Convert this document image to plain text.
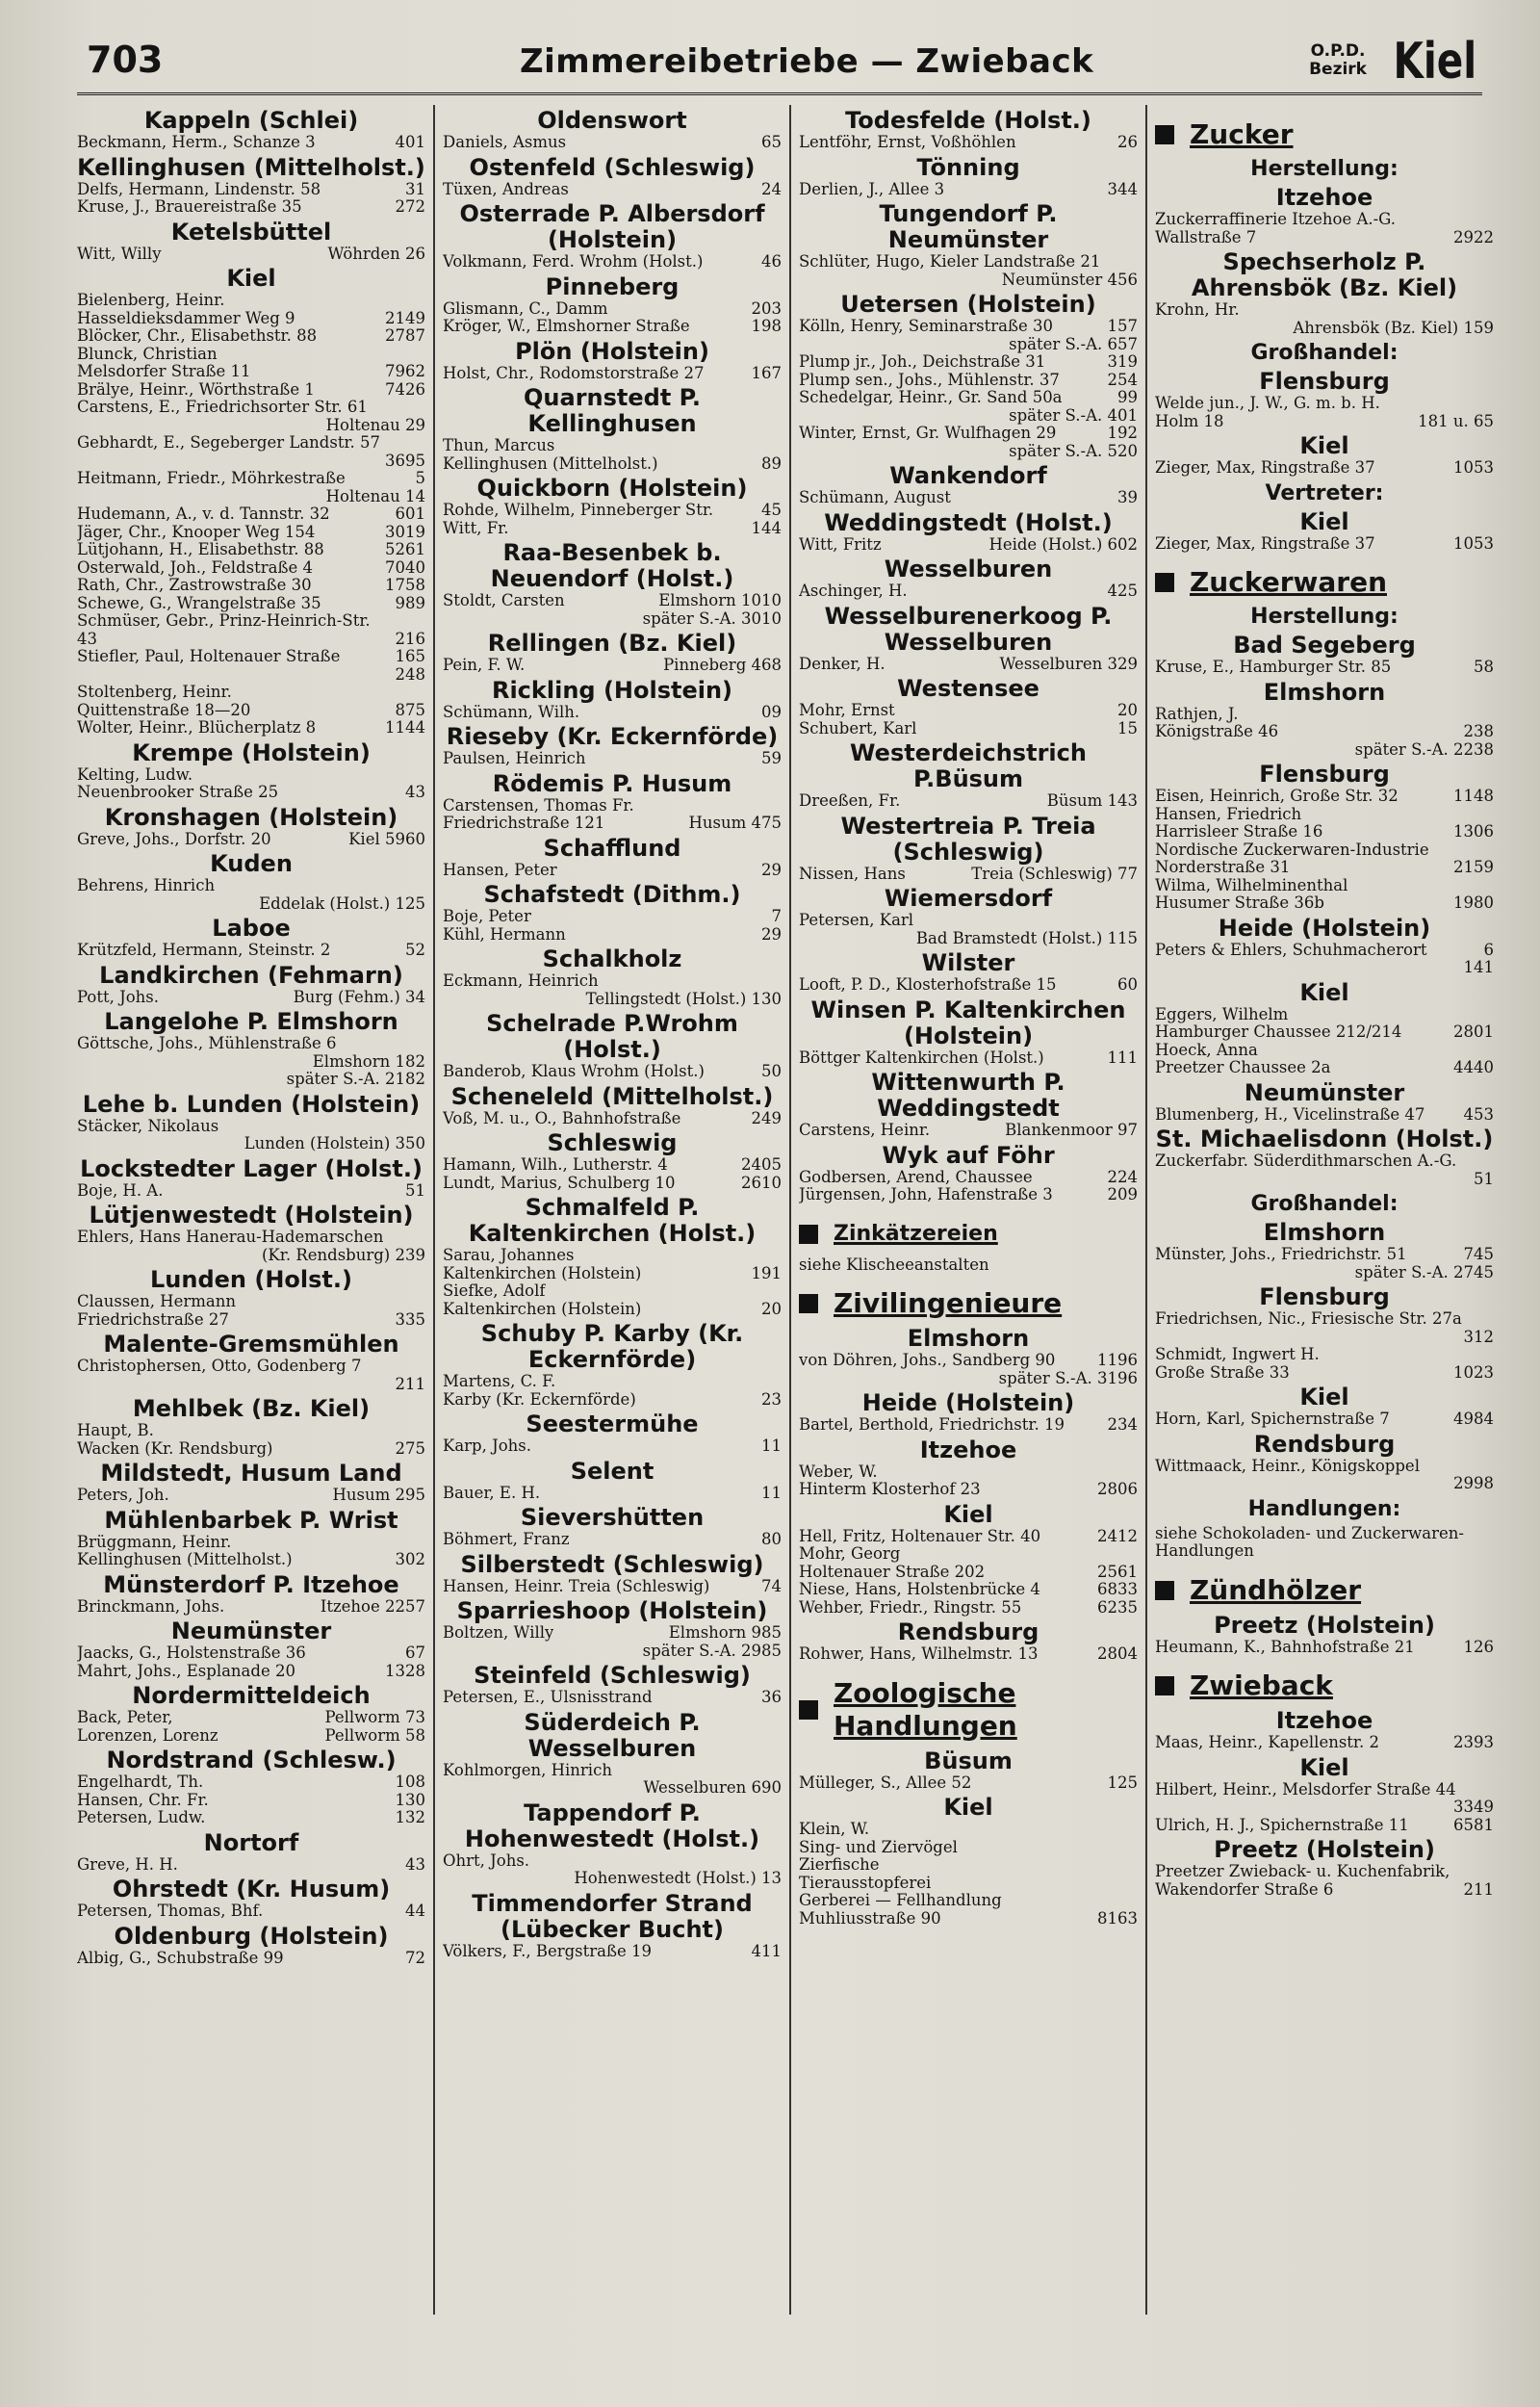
703	Zimmereibetriebe — Zwieback	O.P.D.
Bezirk Kiel
Kappeln (Schlei)
Beckmann, Herm., Schanze 3	401
Kellinghusen (Mittelholst.)
Delfs, Hermann, Lindenstr. 58	31
Kruse, J., Brauereistraße 35	272
Ketelsbüttel
Witt, Willy	Wöhrden 26
Kiel
Bielenberg, Heinr.
Hasseldieksdammer Weg 9	2149
Blöcker, Chr., Elisabethstr. 88	2787
Blunck, Christian
Melsdorfer Straße 11	7962
Brälye, Heinr., Wörthstraße 1	7426
Carstens, E., Friedrichsorter Str. 61
Holtenau 29
Gebhardt, E., Segeberger Landstr. 57
3695
Heitmann, Friedr., Möhrkestraße	5
Holtenau 14
Hudemann, A., v. d. Tannstr. 32	601
Jäger, Chr., Knooper Weg 154	3019
Lütjohann, H., Elisabethstr. 88	5261
Osterwald, Joh., Feldstraße 4	7040
Rath, Chr., Zastrowstraße 30	1758
Schewe, G., Wrangelstraße 35	989
Schmüser, Gebr., Prinz-Heinrich-Str.
43	216
Stiefler, Paul, Holtenauer Straße	165
248
Stoltenberg, Heinr.
Quittenstraße 18—20	875
Wolter, Heinr., Blücherplatz 8	1144
Krempe (Holstein)
Kelting, Ludw.
Neuenbrooker Straße 25	43
Kronshagen (Holstein)
Greve, Johs., Dorfstr. 20	Kiel 5960
Kuden
Behrens, Hinrich
Eddelak (Holst.) 125
Laboe
Krützfeld, Hermann, Steinstr. 2	52
Landkirchen (Fehmarn)
Pott, Johs.	Burg (Fehm.) 34
Langelohe P. Elmshorn
Göttsche, Johs., Mühlenstraße 6
Elmshorn 182
später S.-A. 2182
Lehe b. Lunden (Holstein)
Stäcker, Nikolaus
Lunden (Holstein) 350
Lockstedter Lager (Holst.)
Boje, H. A.	51
Lütjenwestedt (Holstein)
Ehlers, Hans Hanerau-Hademarschen
(Kr. Rendsburg) 239
Lunden (Holst.)
Claussen, Hermann
Friedrichstraße 27	335
Malente-Gremsmühlen
Christophersen, Otto, Godenberg 7
211
Mehlbek (Bz. Kiel)
Haupt, B.
Wacken (Kr. Rendsburg)	275
Mildstedt, Husum Land
Peters, Joh.	Husum 295
Mühlenbarbek P. Wrist
Brüggmann, Heinr.
Kellinghusen (Mittelholst.)	302
Münsterdorf P. Itzehoe
Brinckmann, Johs.	Itzehoe 2257
Neumünster
Jaacks, G., Holstenstraße 36	67
Mahrt, Johs., Esplanade 20	1328
Nordermitteldeich
Back, Peter,	Pellworm 73
Lorenzen, Lorenz	Pellworm 58
Nordstrand (Schlesw.)
Engelhardt, Th.	108
Hansen, Chr. Fr.	130
Petersen, Ludw.	132
Nortorf
Greve, H. H.	43
Ohrstedt (Kr. Husum)
Petersen, Thomas, Bhf.	44
Oldenburg (Holstein)
Albig, G., Schubstraße 99	72
Oldenswort
Daniels, Asmus	65
Ostenfeld (Schleswig)
Tüxen, Andreas	24
Osterrade P. Albersdorf (Holstein)
Volkmann, Ferd. Wrohm (Holst.)	46
Pinneberg
Glismann, C., Damm	203
Kröger, W., Elmshorner Straße	198
Plön (Holstein)
Holst, Chr., Rodomstorstraße 27	167
Quarnstedt P. Kellinghusen
Thun, Marcus
Kellinghusen (Mittelholst.)	89
Quickborn (Holstein)
Rohde, Wilhelm, Pinneberger Str.	45
Witt, Fr.	144
Raa-Besenbek b. Neuendorf (Holst.)
Stoldt, Carsten	Elmshorn 1010
später S.-A. 3010
Rellingen (Bz. Kiel)
Pein, F. W.	Pinneberg 468
Rickling (Holstein)
Schümann, Wilh.	09
Rieseby (Kr. Eckernförde)
Paulsen, Heinrich	59
Rödemis P. Husum
Carstensen, Thomas Fr.
Friedrichstraße 121	Husum 475
Schafflund
Hansen, Peter	29
Schafstedt (Dithm.)
Boje, Peter	7
Kühl, Hermann	29
Schalkholz
Eckmann, Heinrich
Tellingstedt (Holst.) 130
Schelrade P.Wrohm (Holst.)
Banderob, Klaus Wrohm (Holst.)	50
Scheneleld (Mittelholst.)
Voß, M. u., O., Bahnhofstraße	249
Schleswig
Hamann, Wilh., Lutherstr. 4	2405
Lundt, Marius, Schulberg 10	2610
Schmalfeld P. Kaltenkirchen (Holst.)
Sarau, Johannes
Kaltenkirchen (Holstein)	191
Siefke, Adolf
Kaltenkirchen (Holstein)	20
Schuby P. Karby (Kr. Eckernförde)
Martens, C. F.
Karby (Kr. Eckernförde)	23
Seestermühe
Karp, Johs.	11
Selent
Bauer, E. H.	11
Sievershütten
Böhmert, Franz	80
Silberstedt (Schleswig)
Hansen, Heinr. Treia (Schleswig)	74
Sparrieshoop (Holstein)
Boltzen, Willy	Elmshorn 985
später S.-A. 2985
Steinfeld (Schleswig)
Petersen, E., Ulsnisstrand	36
Süderdeich P. Wesselburen
Kohlmorgen, Hinrich
Wesselburen 690
Tappendorf P. Hohenwestedt (Holst.)
Ohrt, Johs.
Hohenwestedt (Holst.) 13
Timmendorfer Strand (Lübecker Bucht)
Völkers, F., Bergstraße 19	411
Todesfelde (Holst.)
Lentföhr, Ernst, Voßhöhlen	26
Tönning
Derlien, J., Allee 3	344
Tungendorf P. Neumünster
Schlüter, Hugo, Kieler Landstraße 21
Neumünster 456
Uetersen (Holstein)
Kölln, Henry, Seminarstraße 30	157
später S.-A. 657
Plump jr., Joh., Deichstraße 31	319
Plump sen., Johs., Mühlenstr. 37	254
Schedelgar, Heinr., Gr. Sand 50a	99
später S.-A. 401
Winter, Ernst, Gr. Wulfhagen 29	192
später S.-A. 520
Wankendorf
Schümann, August	39
Weddingstedt (Holst.)
Witt, Fritz	Heide (Holst.) 602
Wesselburen
Aschinger, H.	425
Wesselburenerkoog P. Wesselburen
Denker, H.	Wesselburen 329
Westensee
Mohr, Ernst	20
Schubert, Karl	15
Westerdeichstrich P.Büsum
Dreeßen, Fr.	Büsum 143
Westertreia P. Treia (Schleswig)
Nissen, Hans	Treia (Schleswig) 77
Wiemersdorf
Petersen, Karl
Bad Bramstedt (Holst.) 115
Wilster
Looft, P. D., Klosterhofstraße 15	60
Winsen P. Kaltenkirchen (Holstein)
Böttger Kaltenkirchen (Holst.)	111
Wittenwurth P. Weddingstedt
Carstens, Heinr.	Blankenmoor 97
Wyk auf Föhr
Godbersen, Arend, Chaussee	224
Jürgensen, John, Hafenstraße 3	209
Zinkätzereien
siehe Klischeeanstalten
Zivilingenieure
Elmshorn
von Döhren, Johs., Sandberg 90	1196
später S.-A. 3196
Heide (Holstein)
Bartel, Berthold, Friedrichstr. 19	234
Itzehoe
Weber, W.
Hinterm Klosterhof 23	2806
Kiel
Hell, Fritz, Holtenauer Str. 40	2412
Mohr, Georg
Holtenauer Straße 202	2561
Niese, Hans, Holstenbrücke 4	6833
Wehber, Friedr., Ringstr. 55	6235
Rendsburg
Rohwer, Hans, Wilhelmstr. 13	2804
Zoologische Handlungen
Büsum
Mülleger, S., Allee 52	125
Kiel
Klein, W.
Sing- und Ziervögel
Zierfische
Tierausstopferei
Gerberei — Fellhandlung
Muhliusstraße 90	8163
Zucker
Herstellung:
Itzehoe
Zuckerraffinerie Itzehoe A.-G.
Wallstraße 7	2922
Spechserholz P. Ahrensbök (Bz. Kiel)
Krohn, Hr.
Ahrensbök (Bz. Kiel) 159
Großhandel:
Flensburg
Welde jun., J. W., G. m. b. H.
Holm 18	181 u. 65
Kiel
Zieger, Max, Ringstraße 37	1053
Vertreter:
Kiel
Zieger, Max, Ringstraße 37	1053
Zuckerwaren
Herstellung:
Bad Segeberg
Kruse, E., Hamburger Str. 85	58
Elmshorn
Rathjen, J.
Königstraße 46	238
später S.-A. 2238
Flensburg
Eisen, Heinrich, Große Str. 32	1148
Hansen, Friedrich
Harrisleer Straße 16	1306
Nordische Zuckerwaren-Industrie
Norderstraße 31	2159
Wilma, Wilhelminenthal
Husumer Straße 36b	1980
Heide (Holstein)
Peters & Ehlers, Schuhmacherort	6
141
Kiel
Eggers, Wilhelm
Hamburger Chaussee 212/214	2801
Hoeck, Anna
Preetzer Chaussee 2a	4440
Neumünster
Blumenberg, H., Vicelinstraße 47 453
St. Michaelisdonn (Holst.)
Zuckerfabr. Süderdithmarschen A.-G.
51
Großhandel:
Elmshorn
Münster, Johs., Friedrichstr. 51	745
später S.-A. 2745
Flensburg
Friedrichsen, Nic., Friesische Str. 27a
312
Schmidt, Ingwert H.
Große Straße 33	1023
Kiel
Horn, Karl, Spichernstraße 7	4984
Rendsburg
Wittmaack, Heinr., Königskoppel
2998
Handlungen:
siehe Schokoladen- und Zuckerwaren-
Handlungen
Zündhölzer
Preetz (Holstein)
Heumann, K., Bahnhofstraße 21	126
Zwieback
Itzehoe
Maas, Heinr., Kapellenstr. 2	2393
Kiel
Hilbert, Heinr., Melsdorfer Straße 44
3349
Ulrich, H. J., Spichernstraße 11	6581
Preetz (Holstein)
Preetzer Zwieback- u. Kuchenfabrik,
Wakendorfer Straße 6	211
